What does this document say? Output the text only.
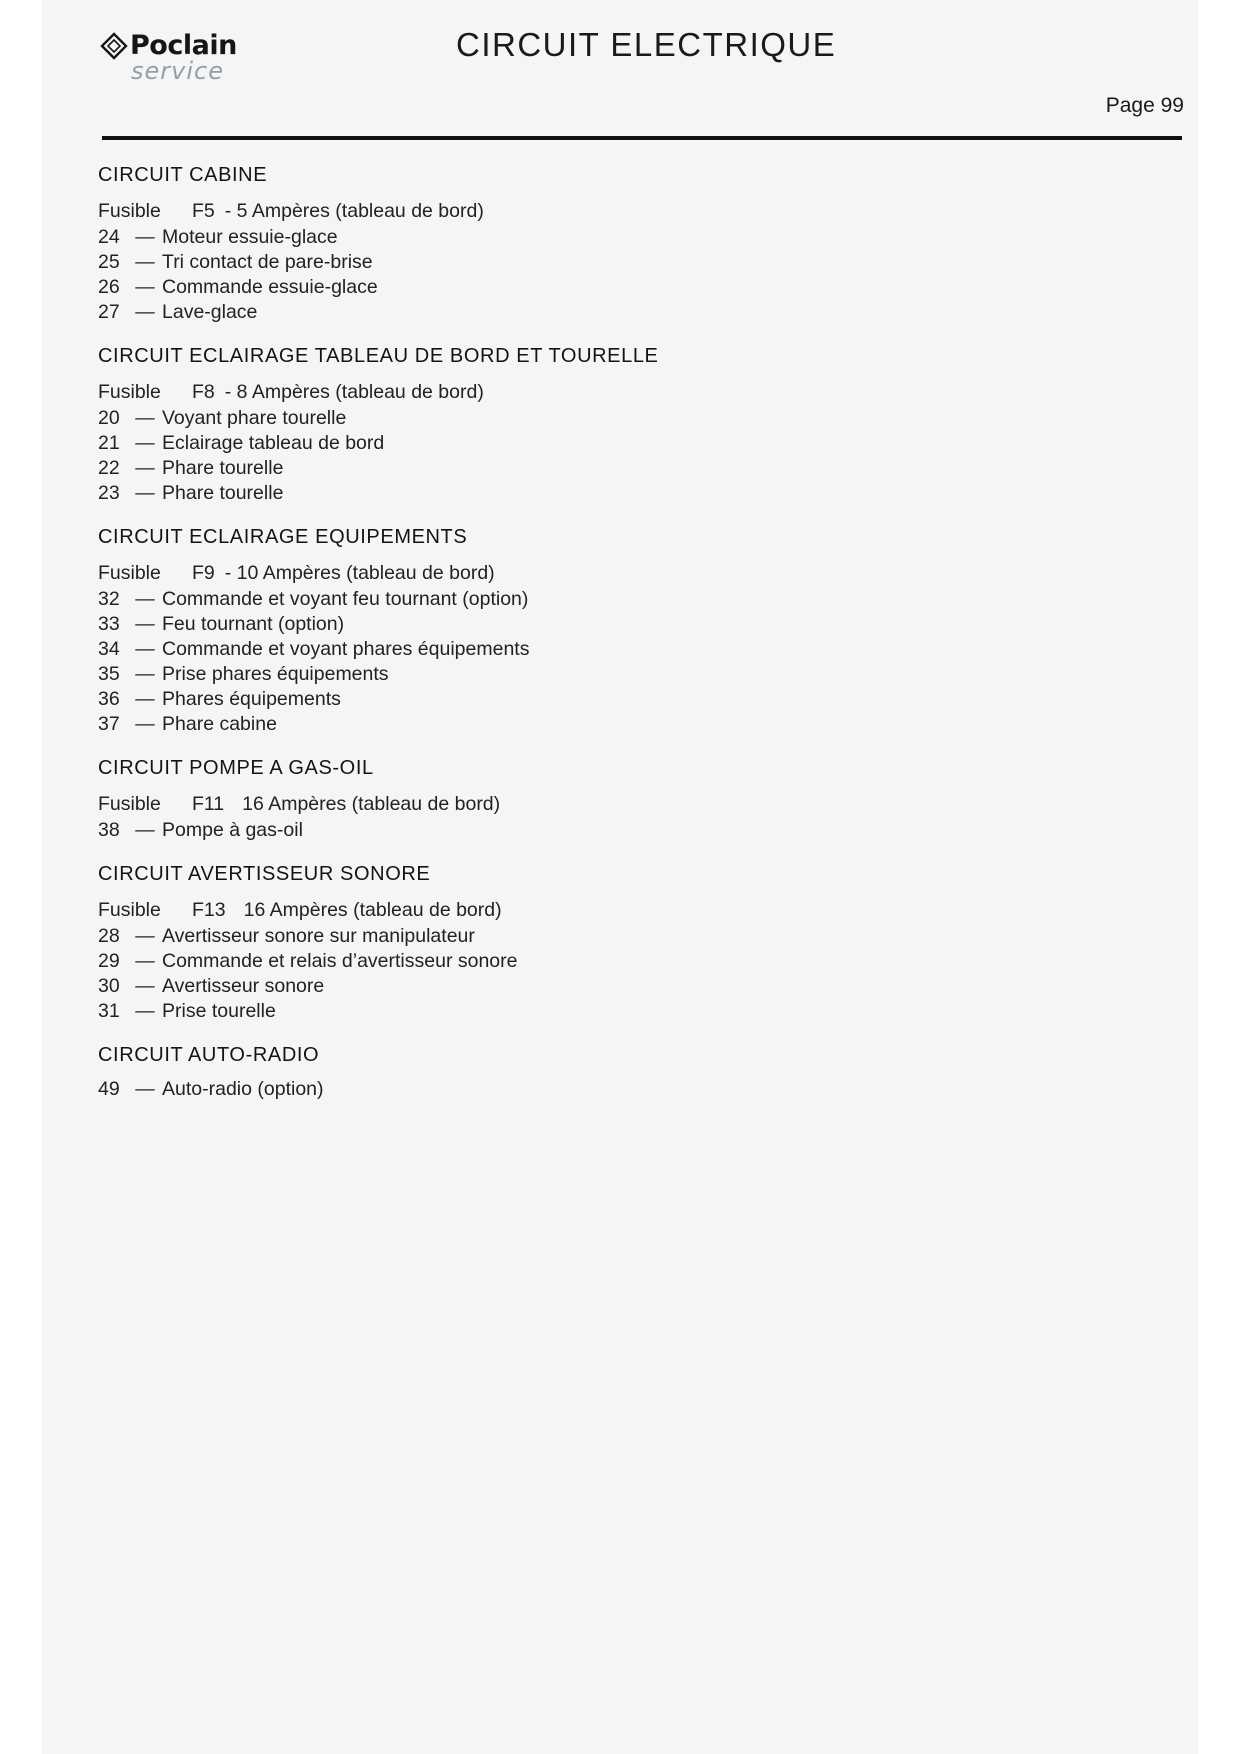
Poclain
service
CIRCUIT ELECTRIQUE
Page 99
CIRCUIT CABINE
Fusible	F5 - 5 Ampères (tableau de bord)
24 — Moteur essuie-glace
25 — Tri contact de pare-brise
26 — Commande essuie-glace
27 — Lave-glace
CIRCUIT ECLAIRAGE TABLEAU DE BORD ET TOURELLE
Fusible	F8 - 8 Ampères (tableau de bord)
20 — Voyant phare tourelle
21 — Eclairage tableau de bord
22 — Phare tourelle
23 — Phare tourelle
CIRCUIT ECLAIRAGE EQUIPEMENTS
Fusible	F9 - 10 Ampères (tableau de bord)
32 — Commande et voyant feu tournant (option)
33 — Feu tournant (option)
34 — Commande et voyant phares équipements
35 — Prise phares équipements
36 — Phares équipements
37 — Phare cabine
CIRCUIT POMPE A GAS-OIL
Fusible	F11 16 Ampères (tableau de bord)
38 — Pompe à gas-oil
CIRCUIT AVERTISSEUR SONORE
Fusible	F13 16 Ampères (tableau de bord)
28 — Avertisseur sonore sur manipulateur
29 — Commande et relais d’avertisseur sonore
30 — Avertisseur sonore
31 — Prise tourelle
CIRCUIT AUTO-RADIO
49 — Auto-radio (option)
